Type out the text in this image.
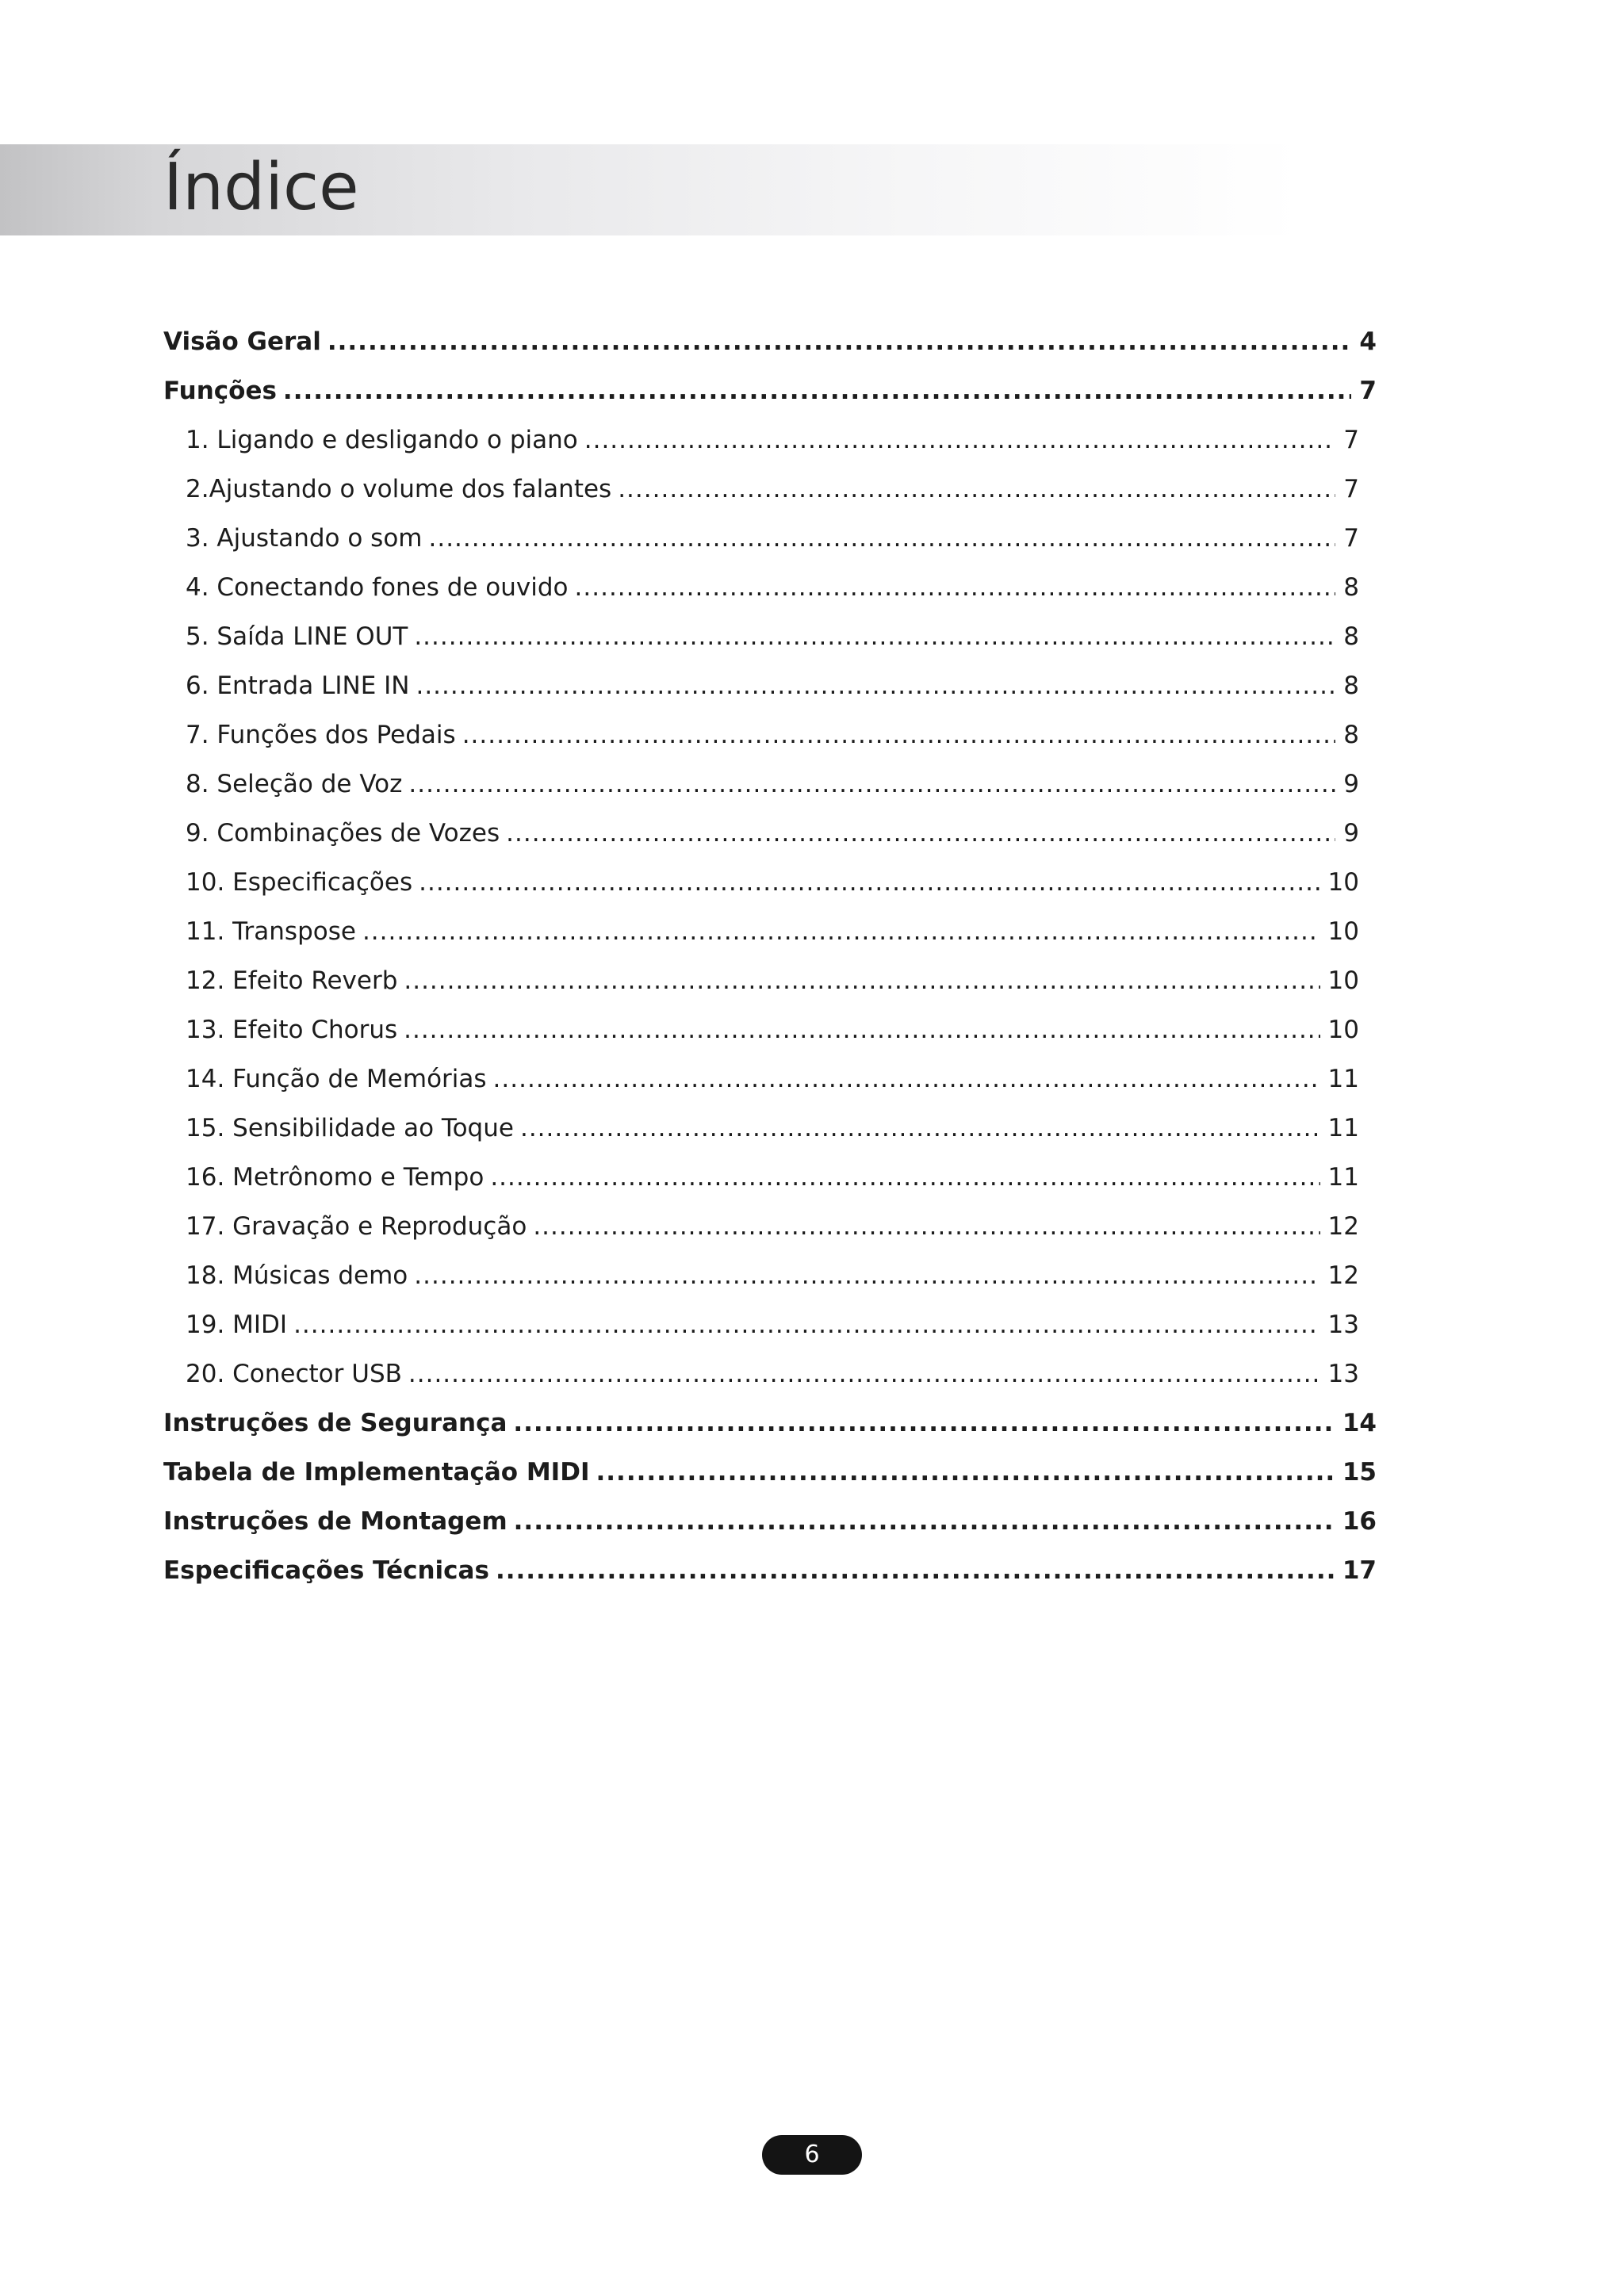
Índice
Visão Geral .....	4
Funções .....	7
1. Ligando e desligando o piano .....	7
2.Ajustando o volume dos falantes .....	7
3. Ajustando o som .....	7
4. Conectando fones de ouvido .....	8
5. Saída LINE OUT .....	8
6. Entrada LINE IN .....	8
7. Funções dos Pedais .....	8
8. Seleção de Voz .....	9
9. Combinações de Vozes .....	9
10. Especificações .....	10
11. Transpose .....	10
12. Efeito Reverb .....	10
13. Efeito Chorus .....	10
14. Função de Memórias .....	11
15. Sensibilidade ao Toque .....	11
16. Metrônomo e Tempo .....	11
17. Gravação e Reprodução .....	12
18. Músicas demo .....	12
19. MIDI .....	13
20. Conector USB .....	13
Instruções de Segurança .....	14
Tabela de Implementação MIDI .....	15
Instruções de Montagem .....	16
Especificações Técnicas .....	17
6
